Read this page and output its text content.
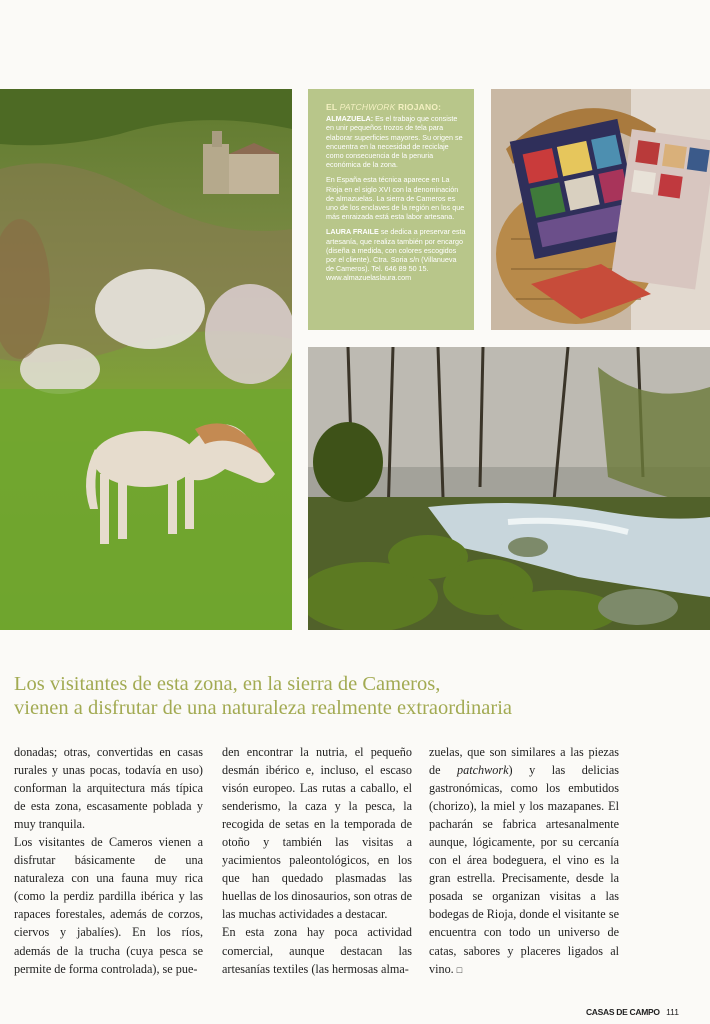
EL PATCHWORK RIOJANO:

ALMAZUELA: Es el trabajo que consiste en unir pequeños trozos de tela para elaborar superficies mayores. Su origen se encuentra en la necesidad de reciclaje como consecuencia de la penuria económica de la zona.

En España esta técnica aparece en La Rioja en el siglo XVI con la denominación de almazuelas. La sierra de Cameros es uno de los enclaves de la región en los que más enraizada está esta labor artesana.

LAURA FRAILE se dedica a preservar esta artesanía, que realiza también por encargo (diseña a medida, con colores escogidos por el cliente). Ctra. Soria s/n (Villanueva de Cameros). Tel. 646 89 50 15. www.almazuelaslaura.com

Los visitantes de esta zona, en la sierra de Cameros,
vienen a disfrutar de una naturaleza realmente extraordinaria

donadas; otras, convertidas en casas rurales y unas pocas, todavía en uso) conforman la arquitectura más típica de esta zona, escasamente poblada y muy tranquila.

Los visitantes de Cameros vienen a disfrutar básicamente de una naturaleza con una fauna muy rica (como la perdiz pardilla ibérica y las rapaces forestales, además de corzos, ciervos y jabalíes). En los ríos, además de la trucha (cuya pesca se permite de forma controlada), se pue-

den encontrar la nutria, el pequeño desmán ibérico e, incluso, el escaso visón europeo. Las rutas a caballo, el senderismo, la caza y la pesca, la recogida de setas en la temporada de otoño y también las visitas a yacimientos paleontológicos, en los que han quedado plasmadas las huellas de los dinosaurios, son otras de las muchas actividades a destacar.

En esta zona hay poca actividad comercial, aunque destacan las artesanías textiles (las hermosas alma-

zuelas, que son similares a las piezas de patchwork) y las delicias gastronómicas, como los embutidos (chorizo), la miel y los mazapanes. El pacharán se fabrica artesanalmente aunque, lógicamente, por su cercanía con el área bodeguera, el vino es la gran estrella. Precisamente, desde la posada se organizan visitas a las bodegas de Rioja, donde el visitante se encuentra con todo un universo de catas, sabores y placeres ligados al vino. □

CASAS DE CAMPO 111
